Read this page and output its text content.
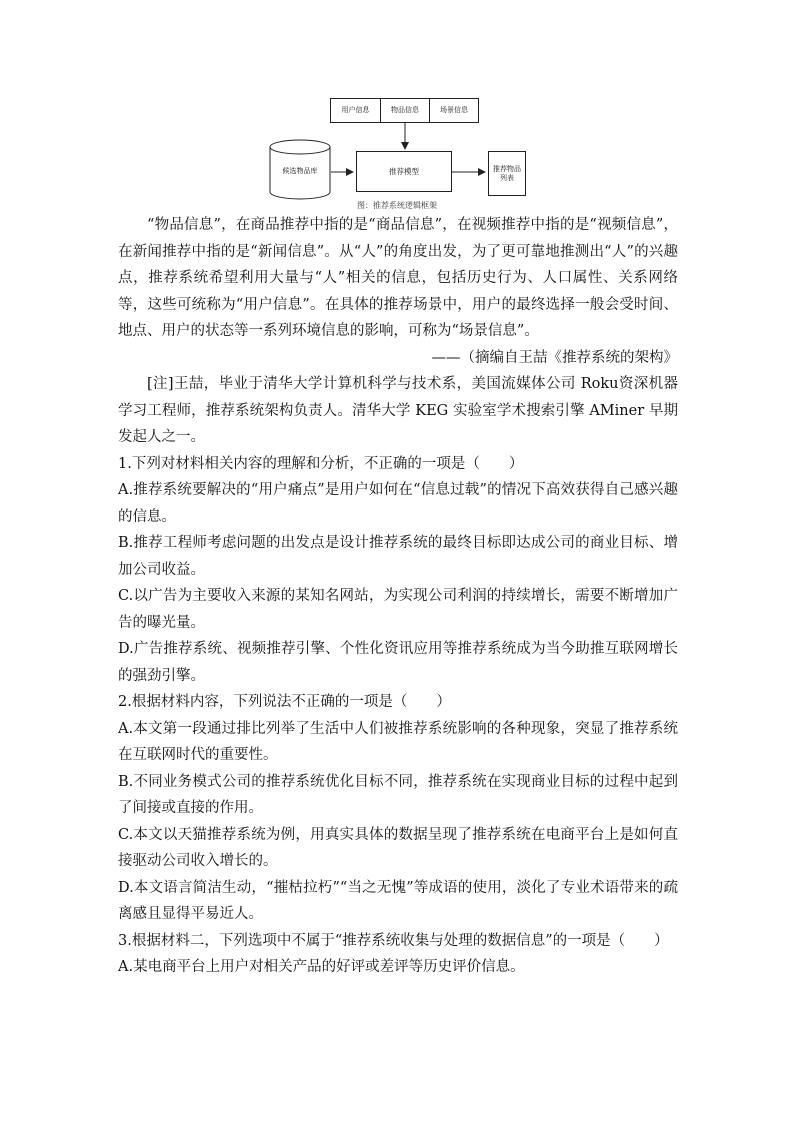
用户信息	物品信息	场景信息
候选物品库	推荐模型	推荐物品
列表
图：推荐系统逻辑框架

“物品信息”，在商品推荐中指的是“商品信息”，在视频推荐中指的是“视频信息”，在新闻推荐中指的是“新闻信息”。从“人”的角度出发，为了更可靠地推测出“人”的兴趣点，推荐系统希望利用大量与“人”相关的信息，包括历史行为、人口属性、关系网络等，这些可统称为“用户信息”。在具体的推荐场景中，用户的最终选择一般会受时间、地点、用户的状态等一系列环境信息的影响，可称为“场景信息”。

——（摘编自王喆《推荐系统的架构》

[注]王喆，毕业于清华大学计算机科学与技术系，美国流媒体公司 Roku资深机器学习工程师，推荐系统架构负责人。清华大学 KEG 实验室学术搜索引擎 AMiner 早期发起人之一。

1.下列对材料相关内容的理解和分析，不正确的一项是（　　）

A.推荐系统要解决的“用户痛点”是用户如何在“信息过载”的情况下高效获得自己感兴趣的信息。

B.推荐工程师考虑问题的出发点是设计推荐系统的最终目标即达成公司的商业目标、增加公司收益。

C.以广告为主要收入来源的某知名网站，为实现公司利润的持续增长，需要不断增加广告的曝光量。

D.广告推荐系统、视频推荐引擎、个性化资讯应用等推荐系统成为当今助推互联网增长的强劲引擎。

2.根据材料内容，下列说法不正确的一项是（　　）

A.本文第一段通过排比列举了生活中人们被推荐系统影响的各种现象，突显了推荐系统在互联网时代的重要性。

B.不同业务模式公司的推荐系统优化目标不同，推荐系统在实现商业目标的过程中起到了间接或直接的作用。

C.本文以天猫推荐系统为例，用真实具体的数据呈现了推荐系统在电商平台上是如何直接驱动公司收入增长的。

D.本文语言简洁生动，“摧枯拉朽”“当之无愧”等成语的使用，淡化了专业术语带来的疏离感且显得平易近人。

3.根据材料二，下列选项中不属于“推荐系统收集与处理的数据信息”的一项是（　　）

A.某电商平台上用户对相关产品的好评或差评等历史评价信息。
